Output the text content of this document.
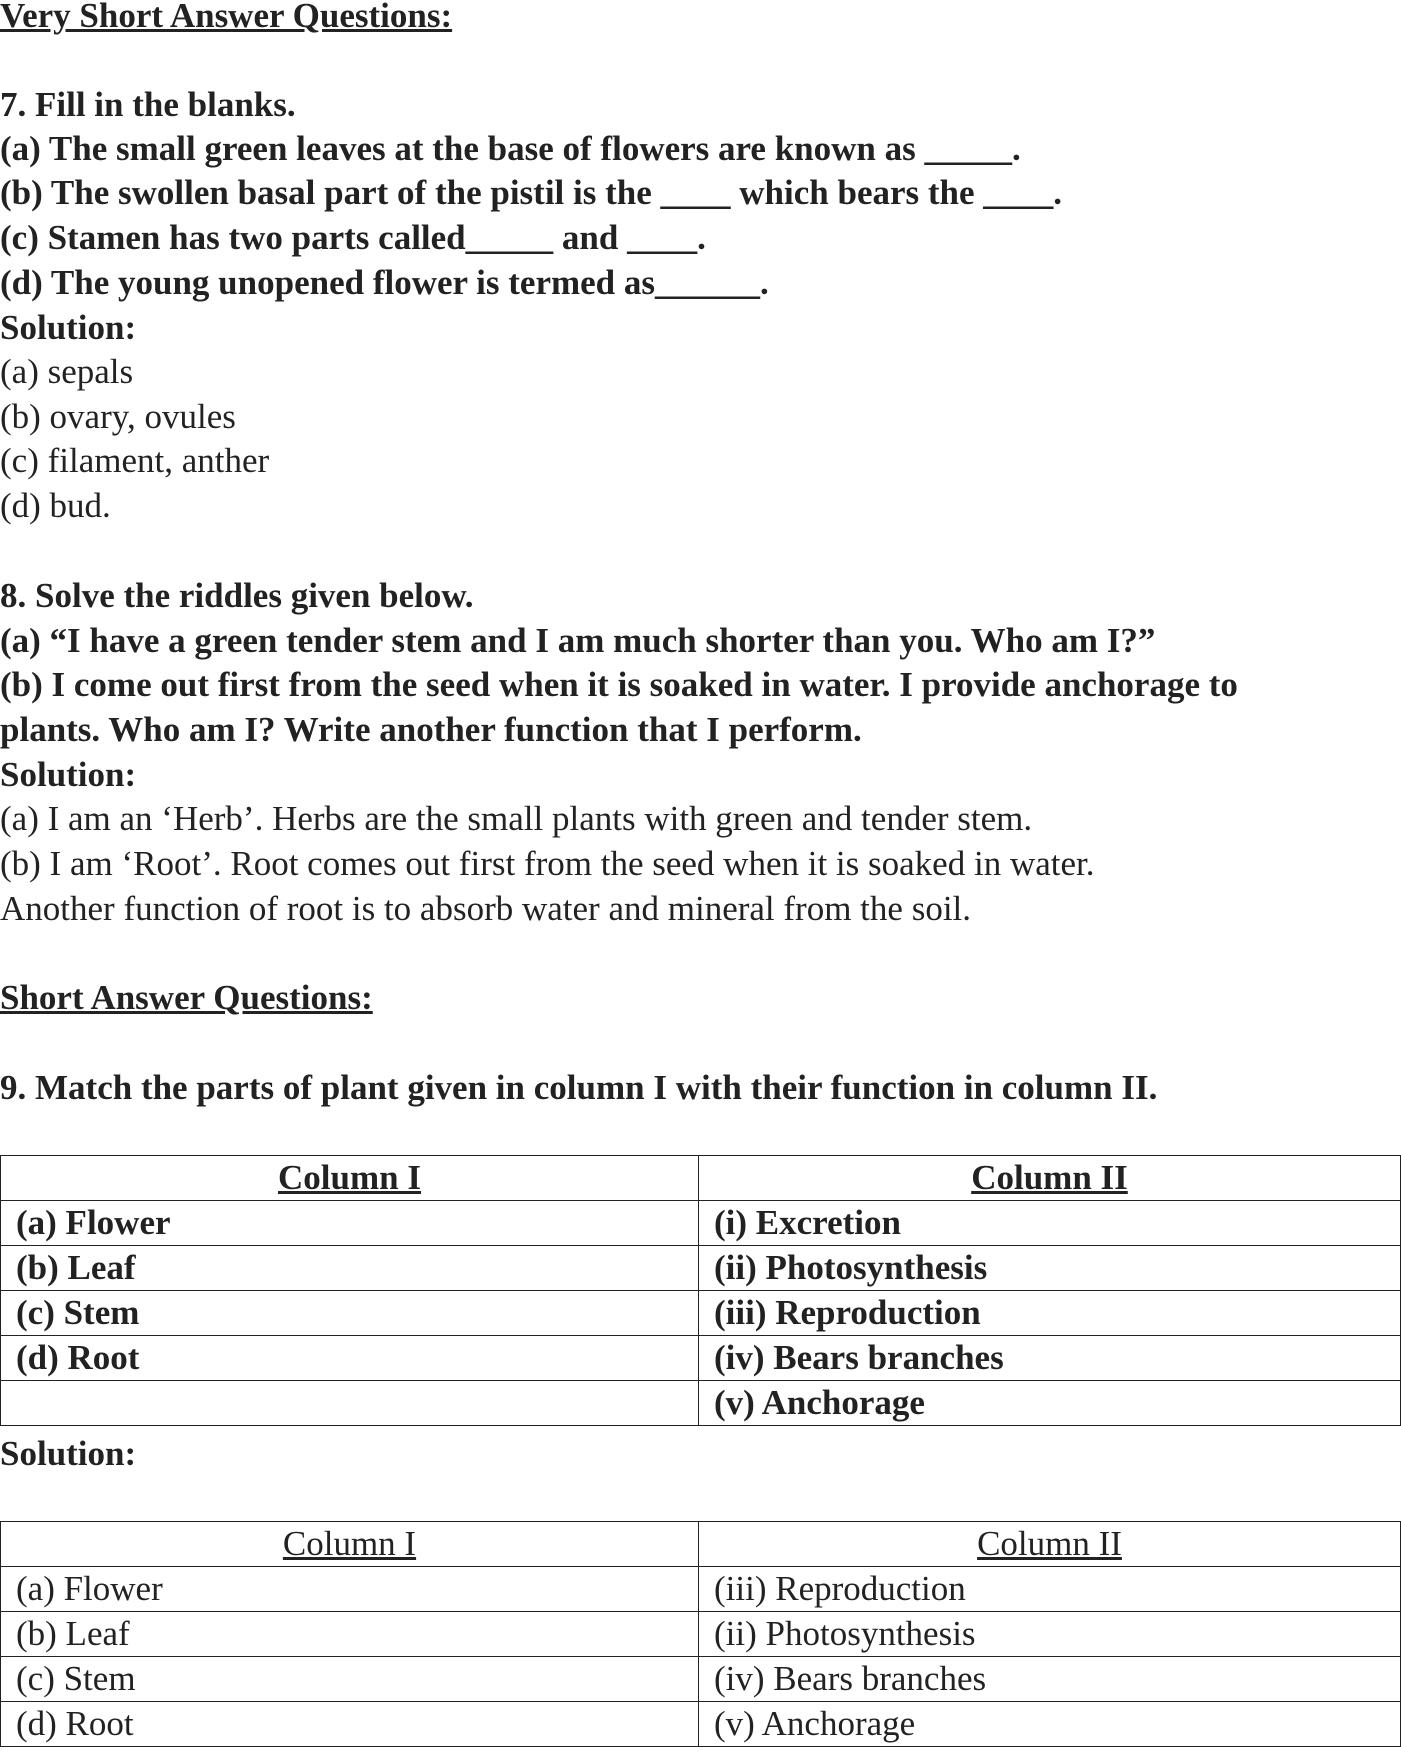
Very Short Answer Questions:
7. Fill in the blanks.
(a) The small green leaves at the base of flowers are known as _____.
(b) The swollen basal part of the pistil is the ____ which bears the ____.
(c) Stamen has two parts called_____ and ____.
(d) The young unopened flower is termed as______.
Solution:
(a) sepals
(b) ovary, ovules
(c) filament, anther
(d) bud.
8. Solve the riddles given below.
(a) “I have a green tender stem and I am much shorter than you. Who am I?”
(b) I come out first from the seed when it is soaked in water. I provide anchorage to
plants. Who am I? Write another function that I perform.
Solution:
(a) I am an ‘Herb’. Herbs are the small plants with green and tender stem.
(b) I am ‘Root’. Root comes out first from the seed when it is soaked in water.
Another function of root is to absorb water and mineral from the soil.
Short Answer Questions:
9. Match the parts of plant given in column I with their function in column II.
Column I	Column II
(a) Flower	(i) Excretion
(b) Leaf	(ii) Photosynthesis
(c) Stem	(iii) Reproduction
(d) Root	(iv) Bears branches
	(v) Anchorage
Solution:
Column I	Column II
(a) Flower	(iii) Reproduction
(b) Leaf	(ii) Photosynthesis
(c) Stem	(iv) Bears branches
(d) Root	(v) Anchorage
